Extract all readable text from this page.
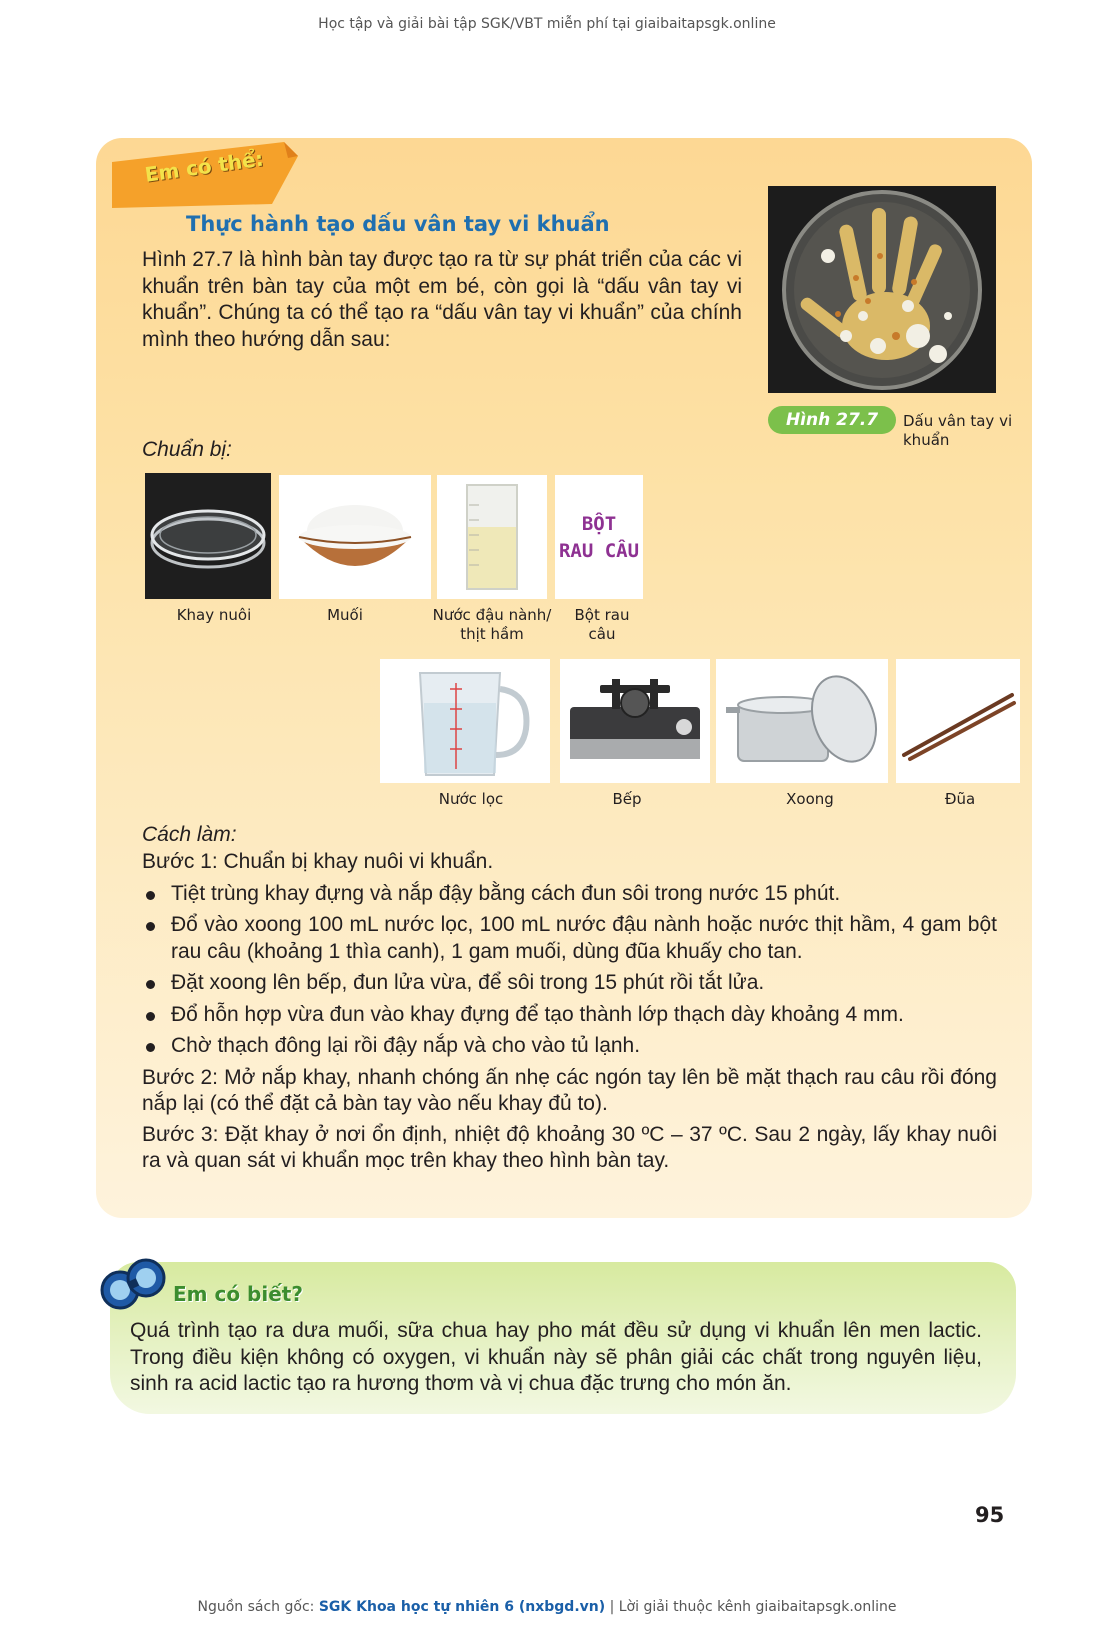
Học tập và giải bài tập SGK/VBT miễn phí tại giaibaitapsgk.online
Em có thể:
Thực hành tạo dấu vân tay vi khuẩn
Hình 27.7 là hình bàn tay được tạo ra từ sự phát triển của các vi khuẩn trên bàn tay của một em bé, còn gọi là “dấu vân tay vi khuẩn”. Chúng ta có thể tạo ra “dấu vân tay vi khuẩn” của chính mình theo hướng dẫn sau:
Hình 27.7	Dấu vân tay vi khuẩn
Chuẩn bị:
BỘT
RAU CÂU
Khay nuôi	Muối	Nước đậu nành/ thịt hầm
Bột rau câu
Nước lọc	Bếp	Xoong	Đũa
Cách làm:

Bước 1: Chuẩn bị khay nuôi vi khuẩn.

Tiệt trùng khay đựng và nắp đậy bằng cách đun sôi trong nước 15 phút.
Đổ vào xoong 100 mL nước lọc, 100 mL nước đậu nành hoặc nước thịt hầm, 4 gam bột rau câu (khoảng 1 thìa canh), 1 gam muối, dùng đũa khuấy cho tan.
Đặt xoong lên bếp, đun lửa vừa, để sôi trong 15 phút rồi tắt lửa.
Đổ hỗn hợp vừa đun vào khay đựng để tạo thành lớp thạch dày khoảng 4 mm.
Chờ thạch đông lại rồi đậy nắp và cho vào tủ lạnh.

Bước 2: Mở nắp khay, nhanh chóng ấn nhẹ các ngón tay lên bề mặt thạch rau câu rồi đóng nắp lại (có thể đặt cả bàn tay vào nếu khay đủ to).

Bước 3: Đặt khay ở nơi ổn định, nhiệt độ khoảng 30 ºC – 37 ºC. Sau 2 ngày, lấy khay nuôi ra và quan sát vi khuẩn mọc trên khay theo hình bàn tay.

Em có biết?
Quá trình tạo ra dưa muối, sữa chua hay pho mát đều sử dụng vi khuẩn lên men lactic. Trong điều kiện không có oxygen, vi khuẩn này sẽ phân giải các chất trong nguyên liệu, sinh ra acid lactic tạo ra hương thơm và vị chua đặc trưng cho món ăn.
95
Nguồn sách gốc: SGK Khoa học tự nhiên 6 (nxbgd.vn) | Lời giải thuộc kênh giaibaitapsgk.online
